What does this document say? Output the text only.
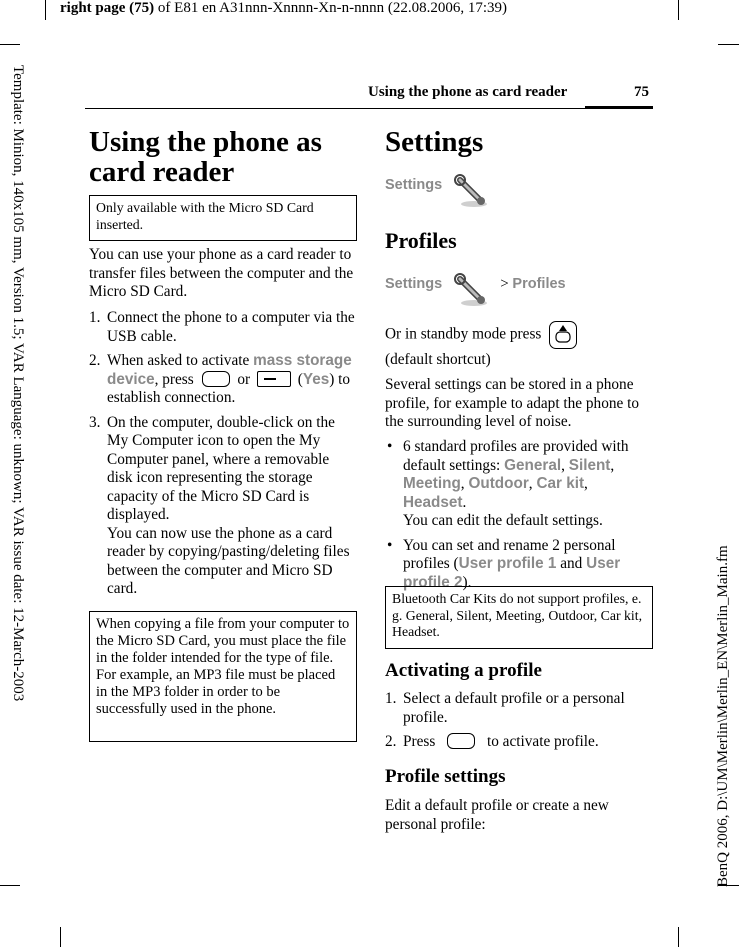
right page (75) of E81 en A31nnn-Xnnnn-Xn-n-nnnn (22.08.2006, 17:39)
Template: Minion, 140x105 mm, Version 1.5; VAR Language: unknown; VAR issue date: 12-March-2003
BenQ 2006, D:\UM\Merlin\Merlin_EN\Merlin_Main.fm
Using the phone as card reader	75
Using the phone as card reader
Only available with the Micro SD Card inserted.
You can use your phone as a card reader to transfer files between the computer and the Micro SD Card.
1. Connect the phone to a computer via the USB cable.
2. When asked to activate mass storage device, press	or	(Yes) to establish connection.
3. On the computer, double-click on the My Computer icon to open the My Computer panel, where a removable disk icon representing the storage capacity of the Micro SD Card is displayed.
You can now use the phone as a card reader by copying/pasting/deleting files between the computer and Micro SD card.
When copying a file from your computer to the Micro SD Card, you must place the file in the folder intended for the type of file.
For example, an MP3 file must be placed in the MP3 folder in order to be successfully used in the phone.
Settings
Settings
Profiles
Settings	> Profiles
Or in standby mode press
(default shortcut)
Several settings can be stored in a phone profile, for example to adapt the phone to the surrounding level of noise.
• 6 standard profiles are provided with default settings: General, Silent, Meeting, Outdoor, Car kit, Headset.
You can edit the default settings.
• You can set and rename 2 personal profiles (User profile 1 and User profile 2).
Bluetooth Car Kits do not support profiles, e. g. General, Silent, Meeting, Outdoor, Car kit, Headset.
Activating a profile
1. Select a default profile or a personal profile.
2. Press	to activate profile.
Profile settings
Edit a default profile or create a new personal profile:
